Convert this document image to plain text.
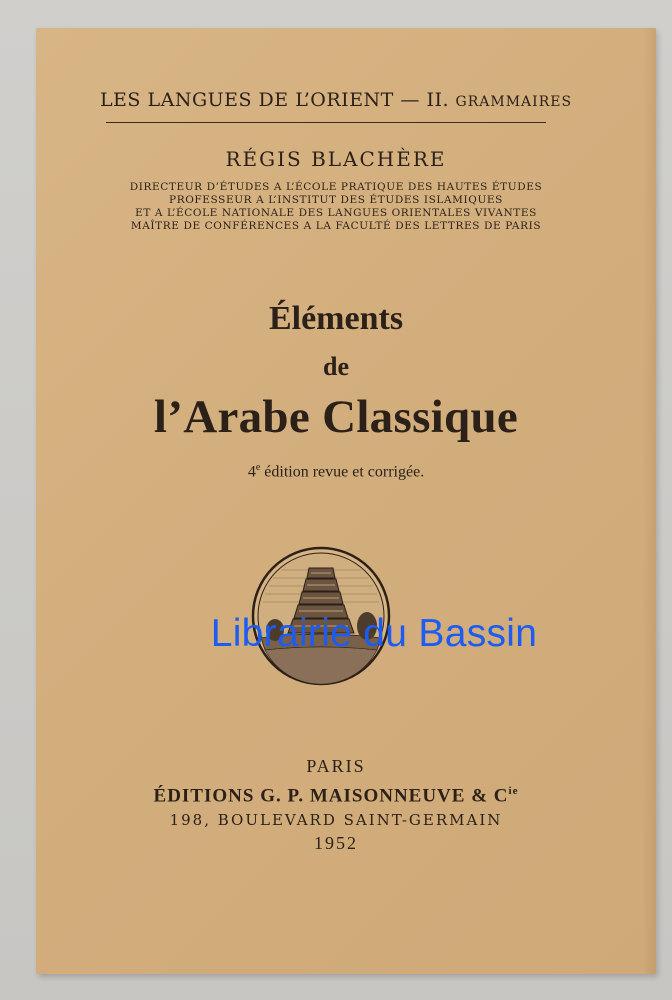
LES LANGUES DE L’ORIENT — II. GRAMMAIRES
RÉGIS BLACHÈRE
DIRECTEUR D’ÉTUDES A L’ÉCOLE PRATIQUE DES HAUTES ÉTUDES
PROFESSEUR A L’INSTITUT DES ÉTUDES ISLAMIQUES
ET A L’ÉCOLE NATIONALE DES LANGUES ORIENTALES VIVANTES
MAÎTRE DE CONFÉRENCES A LA FACULTÉ DES LETTRES DE PARIS
Éléments
de
l’Arabe Classique
4e édition revue et corrigée.
Librairie du Bassin
PARIS
ÉDITIONS G. P. MAISONNEUVE & $C^{ie}$
198, BOULEVARD SAINT-GERMAIN
1952
